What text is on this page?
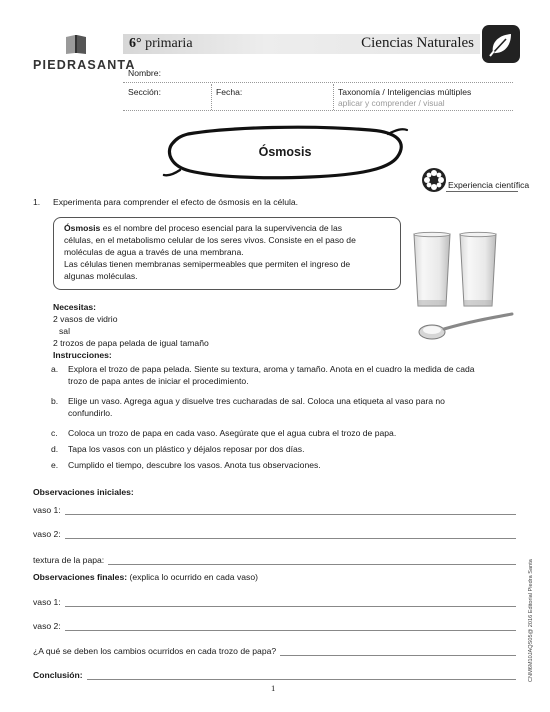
PIEDRASANTA
6° primaria	Ciencias Naturales
Nombre:
Sección:	Fecha:	Taxonomía / Inteligencias múltiples
aplicar y comprender / visual
Ósmosis
Experiencia científica
1. Experimenta para comprender el efecto de ósmosis en la célula.

Ósmosis es el nombre del proceso esencial para la supervivencia de las

células, en el metabolismo celular de los seres vivos. Consiste en el paso de

moléculas de agua a través de una membrana.

Las células tienen membranas semipermeables que permiten el ingreso de

algunas moléculas.

Necesitas:
2 vasos de vidrio
sal
2 trozos de papa pelada de igual tamaño
Instrucciones:
a.	Explora el trozo de papa pelada. Siente su textura, aroma y tamaño. Anota en el cuadro la medida de cada
trozo de papa antes de iniciar el procedimiento.
b.	Elige un vaso. Agrega agua y disuelve tres cucharadas de sal. Coloca una etiqueta al vaso para no
confundirlo.
c.	Coloca un trozo de papa en cada vaso. Asegúrate que el agua cubra el trozo de papa.
d.	Tapa los vasos con un plástico y déjalos reposar por dos días.
e.	Cumplido el tiempo, descubre los vasos. Anota tus observaciones.
Observaciones iniciales:
vaso 1:
vaso 2:
textura de la papa:
Observaciones finales: (explica lo ocurrido en cada vaso)
vaso 1:
vaso 2:
¿A qué se deben los cambios ocurridos en cada trozo de papa?
Conclusión:	CNM6M10JAQS05@ 2016 Editorial Piedra Santa
1
